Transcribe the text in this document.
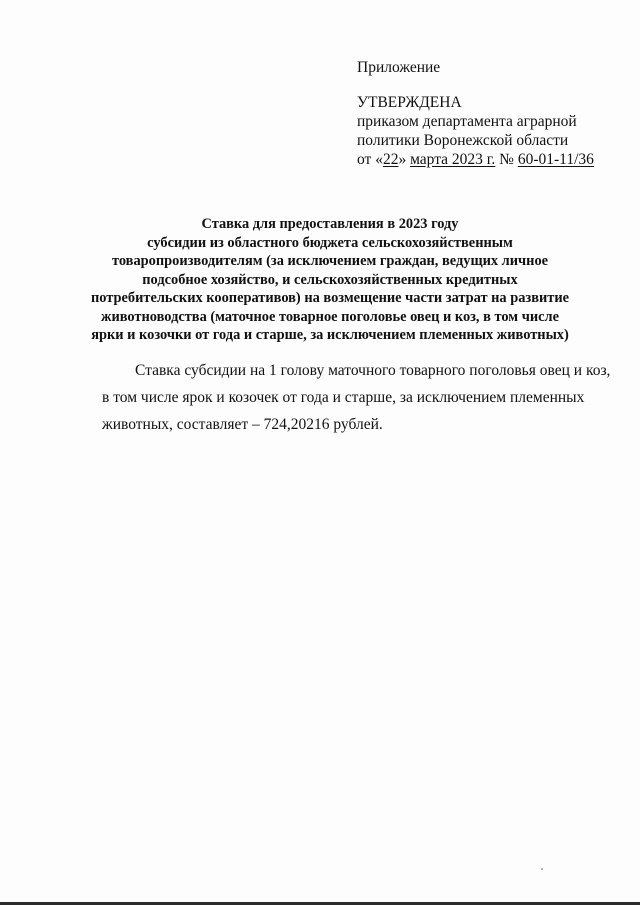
Приложение
УТВЕРЖДЕНА
приказом департамента аграрной
политики Воронежской области
от «22» марта 2023 г. № 60-01-11/36
Ставка для предоставления в 2023 году
субсидии из областного бюджета сельскохозяйственным
товаропроизводителям (за исключением граждан, ведущих личное
подсобное хозяйство, и сельскохозяйственных кредитных
потребительских кооперативов) на возмещение части затрат на развитие
животноводства (маточное товарное поголовье овец и коз, в том числе
ярки и козочки от года и старше, за исключением племенных животных)
Ставка субсидии на 1 голову маточного товарного поголовья овец и коз,
в том числе ярок и козочек от года и старше, за исключением племенных
животных, составляет – 724,20216 рублей.
